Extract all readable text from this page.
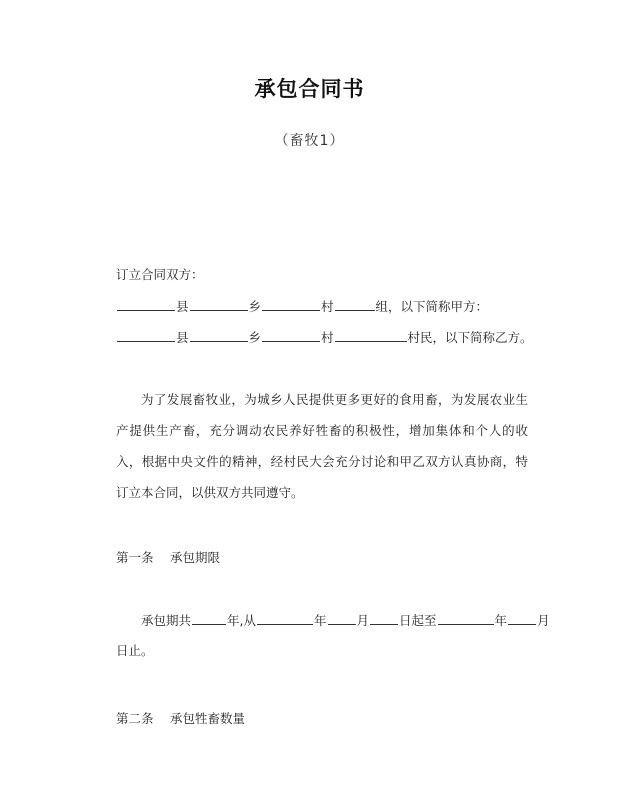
承包合同书
（畜牧1）
订立合同双方：
县	乡	村	组，以下简称甲方：
县	乡	村	村民，以下简称乙方。
为了发展畜牧业，为城乡人民提供更多更好的食用畜，为发展农业生产提供生产畜，充分调动农民养好牲畜的积极性，增加集体和个人的收入，根据中央文件的精神，经村民大会充分讨论和甲乙双方认真协商，特订立本合同，以供双方共同遵守。
第一条　 承包期限
承包期共	年,从	年 月 日起至	年 月
日止。
第二条　 承包牲畜数量
